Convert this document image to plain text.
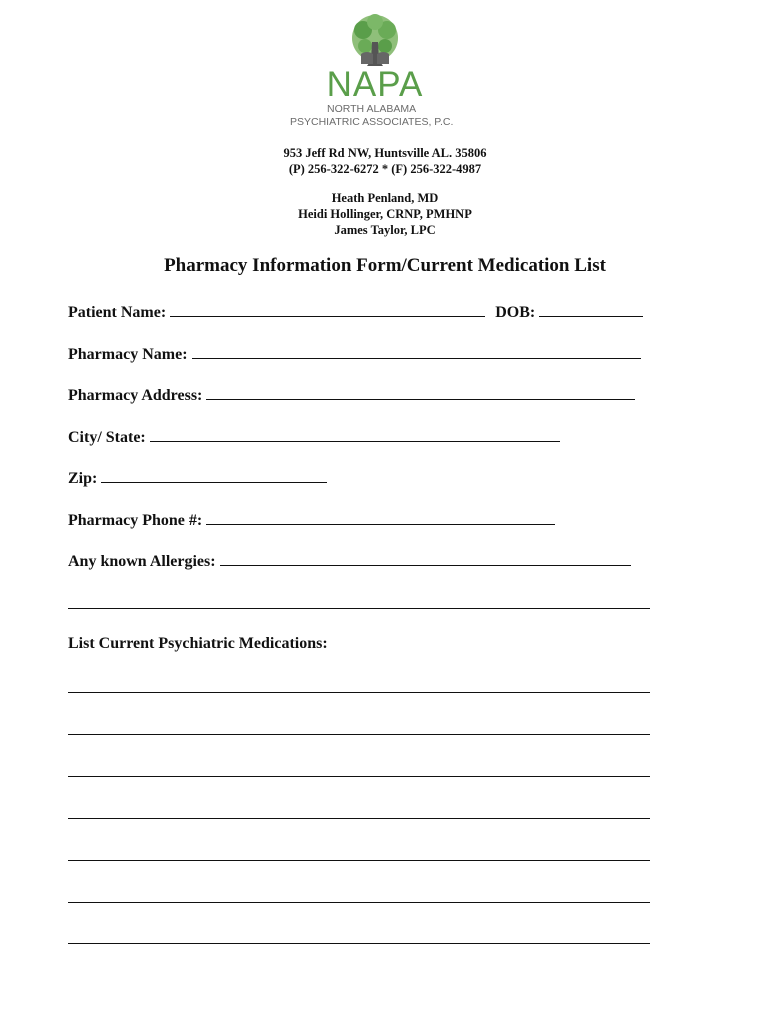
NAPA
NORTH ALABAMA
PSYCHIATRIC ASSOCIATES, P.C.
953 Jeff Rd NW, Huntsville AL. 35806
(P) 256-322-6272 * (F) 256-322-4987
Heath Penland, MD
Heidi Hollinger, CRNP, PMHNP
James Taylor, LPC
Pharmacy Information Form/Current Medication List
Patient Name:	DOB:
Pharmacy Name:
Pharmacy Address:
City/ State:
Zip:
Pharmacy Phone #:
Any known Allergies:
List Current Psychiatric Medications:
